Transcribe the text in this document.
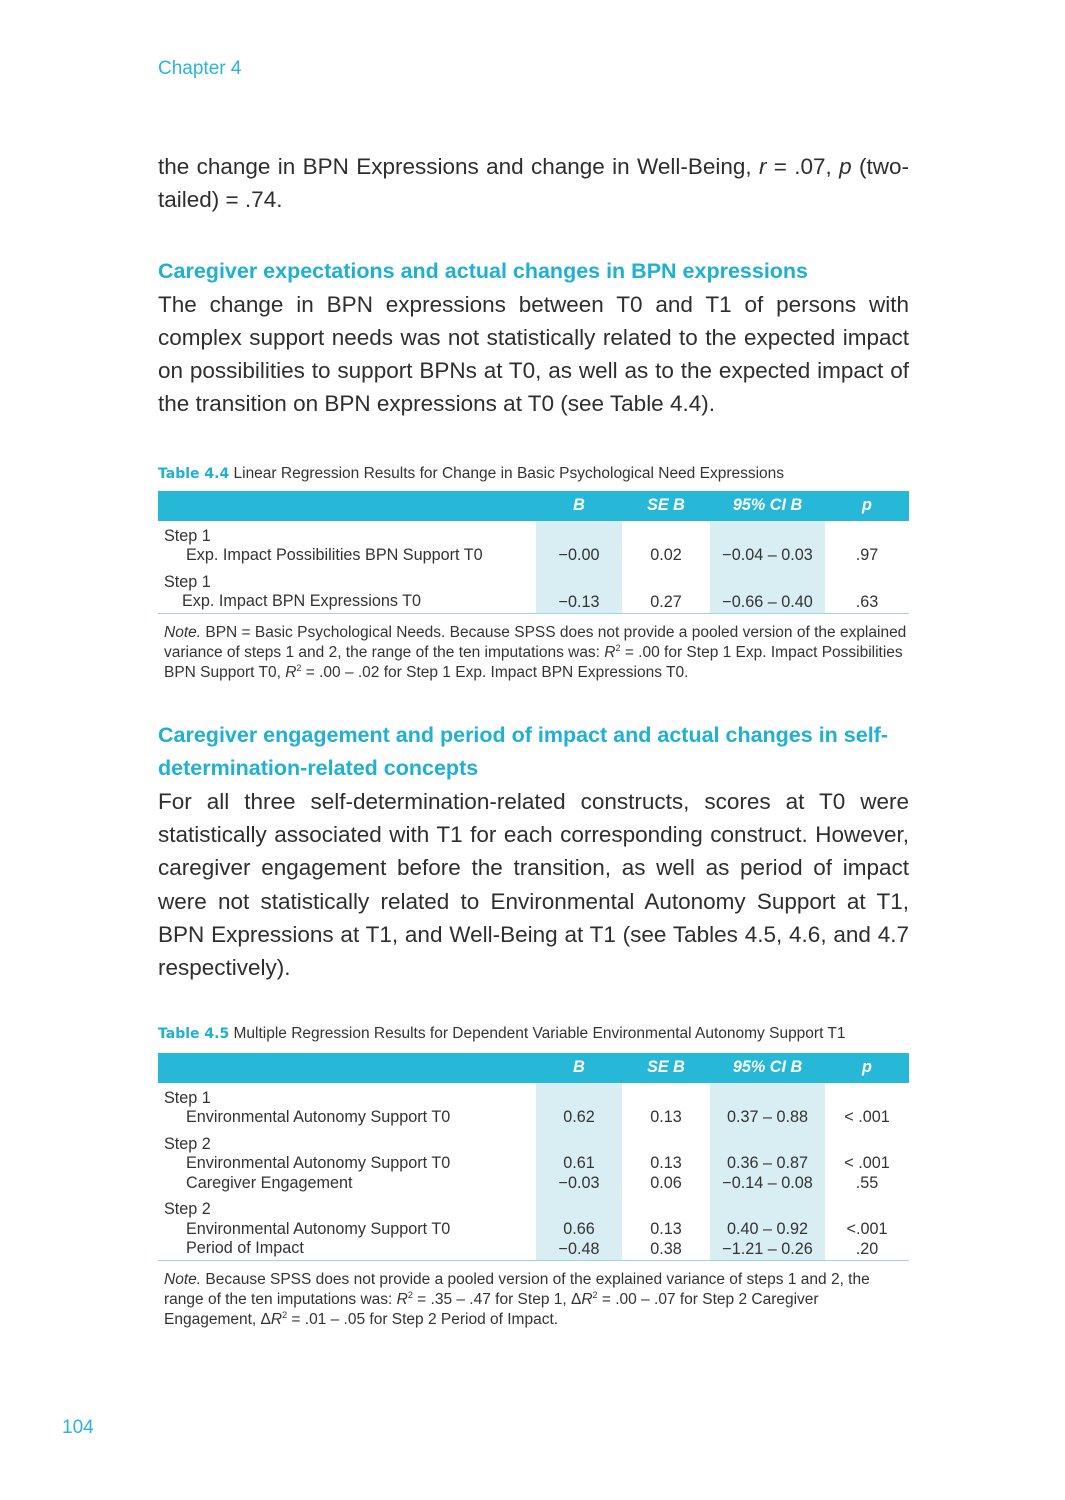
Chapter 4

the change in BPN Expressions and change in Well-Being, r = .07, p (two-tailed) = .74.

Caregiver expectations and actual changes in BPN expressions

The change in BPN expressions between T0 and T1 of persons with complex support needs was not statistically related to the expected impact on possibilities to support BPNs at T0, as well as to the expected impact of the transition on BPN expressions at T0 (see Table 4.4).

Table 4.4 Linear Regression Results for Change in Basic Psychological Need Expressions

	B	SE B	95% CI B	p
Step 1				
Exp. Impact Possibilities BPN Support T0	−0.00	0.02	−0.04 – 0.03	.97
Step 1				
Exp. Impact BPN Expressions T0	−0.13	0.27	−0.66 – 0.40	.63

Note. BPN = Basic Psychological Needs. Because SPSS does not provide a pooled version of the explained variance of steps 1 and 2, the range of the ten imputations was: $R^2 = .00$ for Step 1 Exp. Impact Possibilities BPN Support T0, $R^2 = .00 - .02$ for Step 1 Exp. Impact BPN Expressions T0.

Caregiver engagement and period of impact and actual changes in self-determination-related concepts

For all three self-determination-related constructs, scores at T0 were statistically associated with T1 for each corresponding construct. However, caregiver engagement before the transition, as well as period of impact were not statistically related to Environmental Autonomy Support at T1, BPN Expressions at T1, and Well-Being at T1 (see Tables 4.5, 4.6, and 4.7 respectively).

Table 4.5 Multiple Regression Results for Dependent Variable Environmental Autonomy Support T1

	B	SE B	95% CI B	p
Step 1				
Environmental Autonomy Support T0	0.62	0.13	0.37 – 0.88	< .001
Step 2				
Environmental Autonomy Support T0	0.61	0.13	0.36 – 0.87	< .001
Caregiver Engagement	−0.03	0.06	−0.14 – 0.08	.55
Step 2				
Environmental Autonomy Support T0	0.66	0.13	0.40 – 0.92	<.001
Period of Impact	−0.48	0.38	−1.21 – 0.26	.20

Note. Because SPSS does not provide a pooled version of the explained variance of steps 1 and 2, the range of the ten imputations was: $R^2 = .35 - .47$ for Step 1, $\Delta R^2 = .00 - .07$ for Step 2 Caregiver Engagement, $\Delta R^2 = .01 - .05$ for Step 2 Period of Impact.

104
